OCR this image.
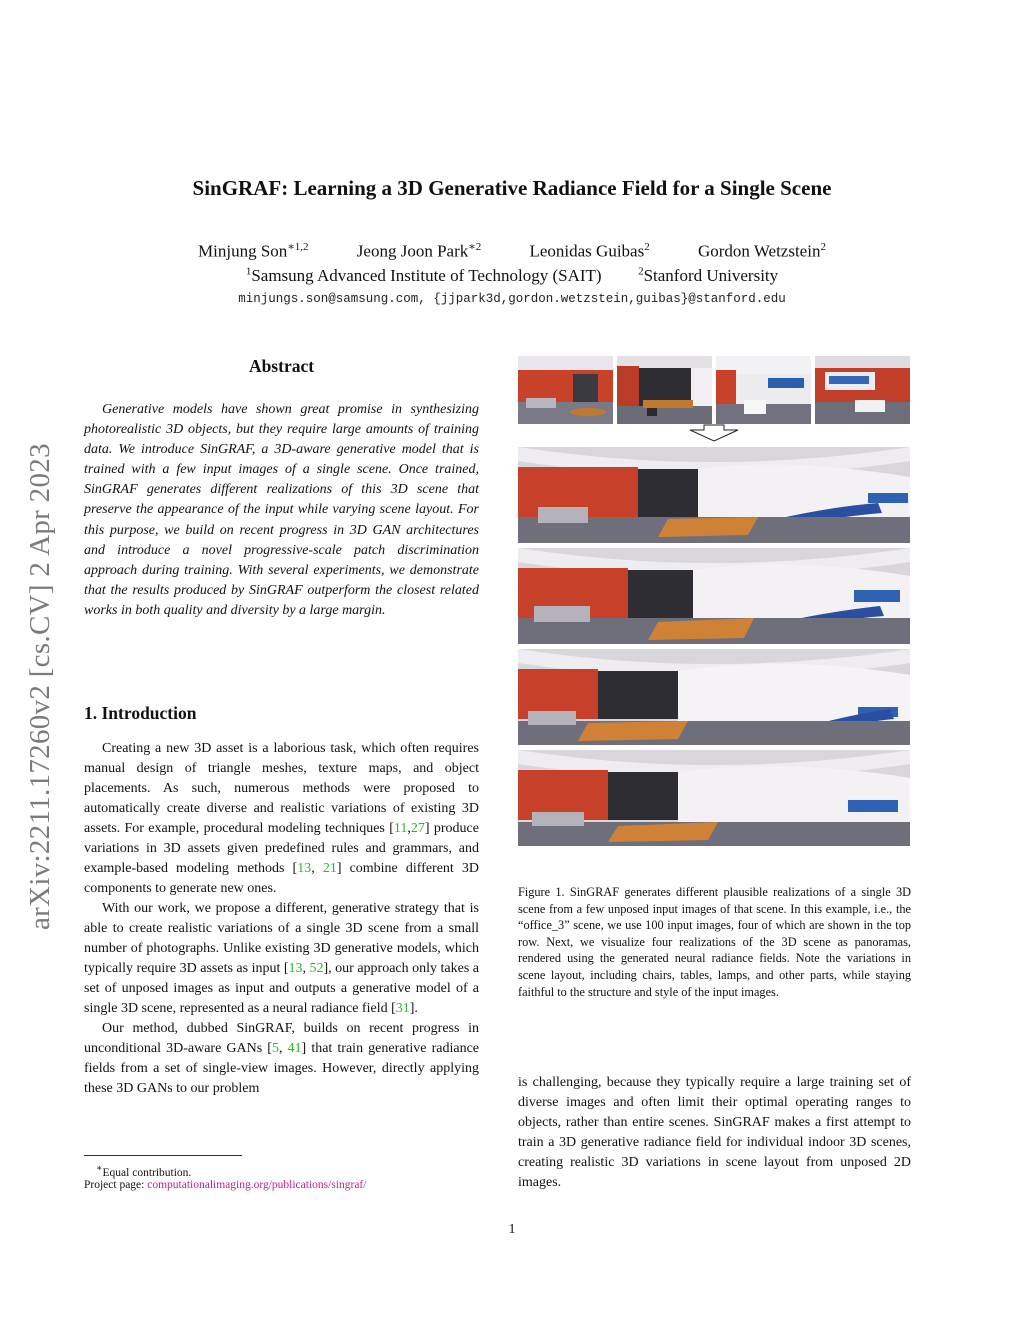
SinGRAF: Learning a 3D Generative Radiance Field for a Single Scene
Minjung Son$^{∗1,2}$	Jeong Joon Park$^{∗2}$	Leonidas Guibas$^2$	Gordon Wetzstein$^2$
$^1$Samsung Advanced Institute of Technology (SAIT)	$^2$Stanford University
minjungs.son@samsung.com, {jjpark3d,gordon.wetzstein,guibas}@stanford.edu
arXiv:2211.17260v2 [cs.CV] 2 Apr 2023
Abstract

Generative models have shown great promise in synthesizing photorealistic 3D objects, but they require large amounts of training data. We introduce SinGRAF, a 3D-aware generative model that is trained with a few input images of a single scene. Once trained, SinGRAF generates different realizations of this 3D scene that preserve the appearance of the input while varying scene layout. For this purpose, we build on recent progress in 3D GAN architectures and introduce a novel progressive-scale patch discrimination approach during training. With several experiments, we demonstrate that the results produced by SinGRAF outperform the closest related works in both quality and diversity by a large margin.

1. Introduction

Creating a new 3D asset is a laborious task, which often requires manual design of triangle meshes, texture maps, and object placements. As such, numerous methods were proposed to automatically create diverse and realistic variations of existing 3D assets. For example, procedural modeling techniques [11,27] produce variations in 3D assets given predefined rules and grammars, and example-based modeling methods [13, 21] combine different 3D components to generate new ones.

With our work, we propose a different, generative strategy that is able to create realistic variations of a single 3D scene from a small number of photographs. Unlike existing 3D generative models, which typically require 3D assets as input [13, 52], our approach only takes a set of unposed images as input and outputs a generative model of a single 3D scene, represented as a neural radiance field [31].

Our method, dubbed SinGRAF, builds on recent progress in unconditional 3D-aware GANs [5, 41] that train generative radiance fields from a set of single-view images. However, directly applying these 3D GANs to our problem

Figure 1. SinGRAF generates different plausible realizations of a single 3D scene from a few unposed input images of that scene. In this example, i.e., the “office_3” scene, we use 100 input images, four of which are shown in the top row. Next, we visualize four realizations of the 3D scene as panoramas, rendered using the generated neural radiance fields. Note the variations in scene layout, including chairs, tables, lamps, and other parts, while staying faithful to the structure and style of the input images.

is challenging, because they typically require a large training set of diverse images and often limit their optimal operating ranges to objects, rather than entire scenes. SinGRAF makes a first attempt to train a 3D generative radiance field for individual indoor 3D scenes, creating realistic 3D variations in scene layout from unposed 2D images.

∗Equal contribution.
Project page: computationalimaging.org/publications/singraf/
1
